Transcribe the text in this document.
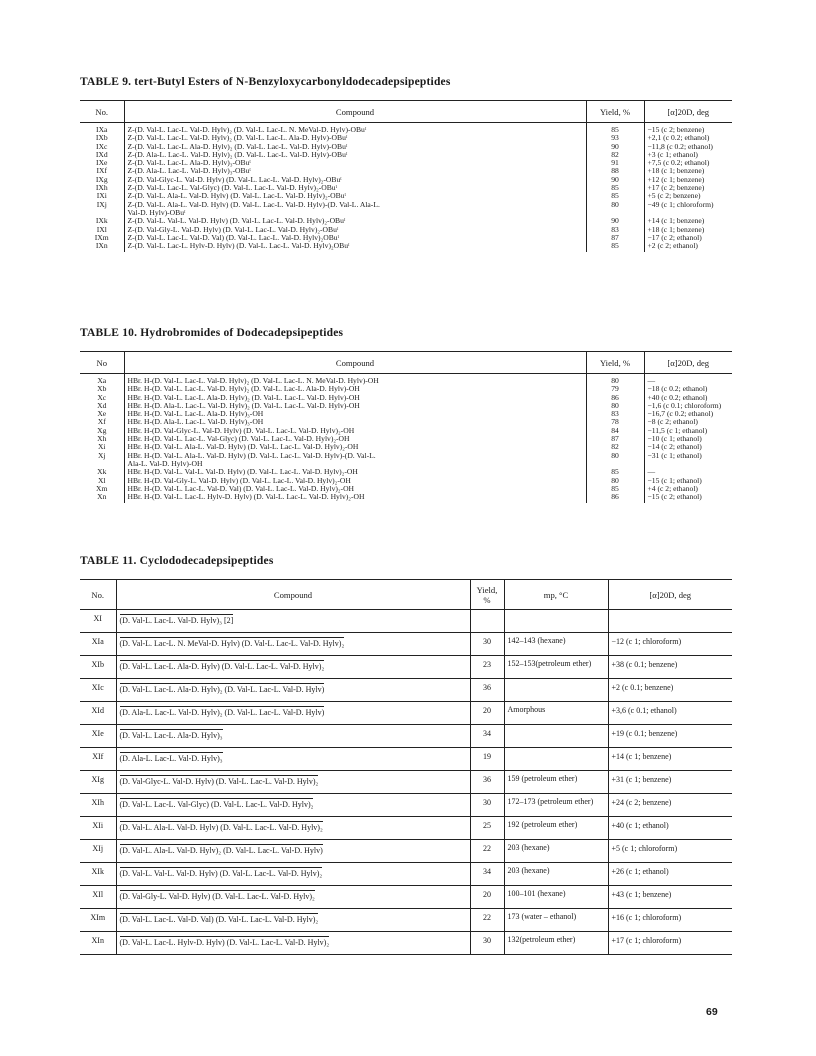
TABLE 9. tert-Butyl Esters of N-Benzyloxycarbonyldodecadepsipeptides
No.	Compound	Yield, %	[α]20D, deg

IXa	Z-(D. Val-L. Lac-L. Val-D. Hylv)₂ (D. Val-L. Lac-L. N. MeVal-D. Hylv)-OBuᵗ	85	−15 (c 2; benzene)
IXb	Z-(D. Val-L. Lac-L. Val-D. Hylv)₂ (D. Val-L. Lac-L. Ala-D. Hylv)-OBuᵗ	93	+2,1 (c 0.2; ethanol)
IXc	Z-(D. Val-L. Lac-L. Ala-D. Hylv)₂ (D. Val-L. Lac-L. Val-D. Hylv)-OBuᵗ	90	−11,8 (c 0.2; ethanol)
IXd	Z-(D. Ala-L. Lac-L. Val-D. Hylv)₂ (D. Val-L. Lac-L. Val-D. Hylv)-OBuᵗ	82	+3 (c 1; ethanol)
IXe	Z-(D. Val-L. Lac-L. Ala-D. Hylv)₃-OBuᵗ	91	+7,5 (c 0.2; ethanol)
IXf	Z-(D. Ala-L. Lac-L. Val-D. Hylv)₃-OBuᵗ	88	+18 (c 1; benzene)
IXg	Z-(D. Val-Glyc-L. Val-D. Hylv) (D. Val-L. Lac-L. Val-D. Hylv)₂-OBuᵗ	90	+12 (c 1; benzene)
IXh	Z-(D. Val-L. Lac-L. Val-Glyc) (D. Val-L. Lac-L. Val-D. Hylv)₂-OBuᵗ	85	+17 (c 2; benzene)
IXi	Z-(D. Val-L. Ala-L. Val-D. Hylv) (D. Val-L. Lac-L. Val-D. Hylv)₂-OBuᵗ	85	+5 (c 2; benzene)
IXj	Z-(D. Val-L. Ala-L. Val-D. Hylv) (D. Val-L. Lac-L. Val-D. Hylv)-(D. Val-L. Ala-L.	80	−49 (c 1; chloroform)
	Val-D. Hylv)-OBuᵗ		
IXk	Z-(D. Val-L. Val-L. Val-D. Hylv) (D. Val-L. Lac-L. Val-D. Hylv)₂-OBuᵗ	90	+14 (c 1; benzene)
IXl	Z-(D. Val-Gly-L. Val-D. Hylv) (D. Val-L. Lac-L. Val-D. Hylv)₂-OBuᵗ	83	+18 (c 1; benzene)
IXm	Z-(D. Val-L. Lac-L. Val-D. Val) (D. Val-L. Lac-L. Val-D. Hylv)₂OBuᵗ	87	−17 (c 2; ethanol)
IXn	Z-(D. Val-L. Lac-L. Hylv-D. Hylv) (D. Val-L. Lac-L. Val-D. Hylv)₂OBuᵗ	85	+2 (c 2; ethanol)
TABLE 10. Hydrobromides of Dodecadepsipeptides
No	Compound	Yield, %	[α]20D, deg

Xa	HBr. H-(D. Val-L. Lac-L. Val-D. Hylv)₂ (D. Val-L. Lac-L. N. MeVal-D. Hylv)-OH	80	—
Xb	HBr. H-(D. Val-L. Lac-L. Val-D. Hylv)₂ (D. Val-L. Lac-L. Ala-D. Hylv)-OH	79	−18 (c 0.2; ethanol)
Xc	HBr. H-(D. Val-L. Lac-L. Ala-D. Hylv)₂ (D. Val-L. Lac-L. Val-D. Hylv)-OH	86	+40 (c 0.2; ethanol)
Xd	HBr. H-(D. Ala-L. Lac-L. Val-D. Hylv)₂ (D. Val-L. Lac-L. Val-D. Hylv)-OH	80	−1,6 (c 0.1; chloroform)
Xe	HBr. H-(D. Val-L. Lac-L. Ala-D. Hylv)₃-OH	83	−16,7 (c 0.2; ethanol)
Xf	HBr. H-(D. Ala-L. Lac-L. Val-D. Hylv)₃-OH	78	−8 (c 2; ethanol)
Xg	HBr. H-(D. Val-Glyc-L. Val-D. Hylv) (D. Val-L. Lac-L. Val-D. Hylv)₂-OH	84	−11,5 (c 1; ethanol)
Xh	HBr. H-(D. Val-L. Lac-L. Val-Glyc) (D. Val-L. Lac-L. Val-D. Hylv)₂-OH	87	−10 (c 1; ethanol)
Xi	HBr. H-(D. Val-L. Ala-L. Val-D. Hylv) (D. Val-L. Lac-L. Val-D. Hylv)₂-OH	82	−14 (c 2; ethanol)
Xj	HBr. H-(D. Val-L. Ala-L. Val-D. Hylv) (D. Val-L. Lac-L. Val-D. Hylv)-(D. Val-L.	80	−31 (c 1; ethanol)
	Ala-L. Val-D. Hylv)-OH		
Xk	HBr. H-(D. Val-L. Val-L. Val-D. Hylv) (D. Val-L. Lac-L. Val-D. Hylv)₂-OH	85	—
Xl	HBr. H-(D. Val-Gly-L. Val-D. Hylv) (D. Val-L. Lac-L. Val-D. Hylv)₂-OH	80	−15 (c 1; ethanol)
Xm	HBr. H-(D. Val-L. Lac-L. Val-D. Val) (D. Val-L. Lac-L. Val-D. Hylv)₂-OH	85	+4 (c 2; ethanol)
Xn	HBr. H-(D. Val-L. Lac-L. Hylv-D. Hylv) (D. Val-L. Lac-L. Val-D. Hylv)₂-OH	86	−15 (c 2; ethanol)
TABLE 11. Cyclododecadepsipeptides
No.	Compound	Yield, %	mp, °C	[α]20D, deg
XI	(D. Val-L. Lac-L. Val-D. Hylv)₃ [2]			
XIa	(D. Val-L. Lac-L. N. MeVal-D. Hylv) (D. Val-L. Lac-L. Val-D. Hylv)₂	30	142–143 (hexane)	−12 (c 1; chloroform)
XIb	(D. Val-L. Lac-L. Ala-D. Hylv) (D. Val-L. Lac-L. Val-D. Hylv)₂	23	152–153(petroleum ether)	+38 (c 0.1; benzene)
XIc	(D. Val-L. Lac-L. Ala-D. Hylv)₂ (D. Val-L. Lac-L. Val-D. Hylv)	36		+2 (c 0.1; benzene)
XId	(D. Ala-L. Lac-L. Val-D. Hylv)₂ (D. Val-L. Lac-L. Val-D. Hylv)	20	Amorphous	+3,6 (c 0.1; ethanol)
XIe	(D. Val-L. Lac-L. Ala-D. Hylv)₃	34		+19 (c 0.1; benzene)
XIf	(D. Ala-L. Lac-L. Val-D. Hylv)₃	19		+14 (c 1; benzene)
XIg	(D. Val-Glyc-L. Val-D. Hylv) (D. Val-L. Lac-L. Val-D. Hylv)₂	36	159 (petroleum ether)	+31 (c 1; benzene)
XIh	(D. Val-L. Lac-L. Val-Glyc) (D. Val-L. Lac-L. Val-D. Hylv)₂	30	172–173 (petroleum ether)	+24 (c 2; benzene)
XIi	(D. Val-L. Ala-L. Val-D. Hylv) (D. Val-L. Lac-L. Val-D. Hylv)₂	25	192 (petroleum ether)	+40 (c 1; ethanol)
XIj	(D. Val-L. Ala-L. Val-D. Hylv)₂ (D. Val-L. Lac-L. Val-D. Hylv)	22	203 (hexane)	+5 (c 1; chloroform)
XIk	(D. Val-L. Val-L. Val-D. Hylv) (D. Val-L. Lac-L. Val-D. Hylv)₂	34	203 (hexane)	+26 (c 1; ethanol)
XIl	(D. Val-Gly-L. Val-D. Hylv) (D. Val-L. Lac-L. Val-D. Hylv)₂	20	100–101 (hexane)	+43 (c 1; benzene)
XIm	(D. Val-L. Lac-L. Val-D. Val) (D. Val-L. Lac-L. Val-D. Hylv)₂	22	173 (water – ethanol)	+16 (c 1; chloroform)
XIn	(D. Val-L. Lac-L. Hylv-D. Hylv) (D. Val-L. Lac-L. Val-D. Hylv)₂	30	132(petroleum ether)	+17 (c 1; chloroform)
69
